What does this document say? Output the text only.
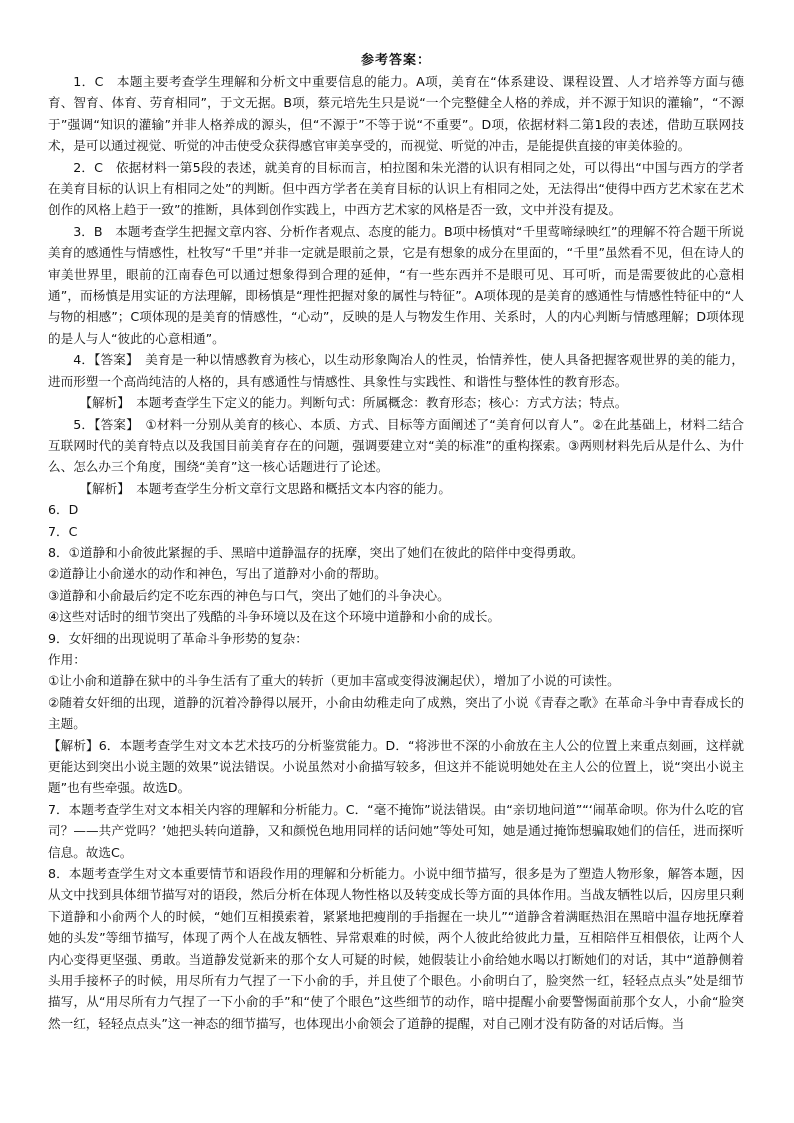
参考答案：

1．C　本题主要考查学生理解和分析文中重要信息的能力。A项，美育在“体系建设、课程设置、人才培养等方面与德育、智育、体育、劳育相同”，于文无据。B项，蔡元培先生只是说“一个完整健全人格的养成，并不源于知识的灌输”，“不源于”强调“知识的灌输”并非人格养成的源头，但“不源于”不等于说“不重要”。D项，依据材料二第1段的表述，借助互联网技术，是可以通过视觉、听觉的冲击使受众获得感官审美享受的，而视觉、听觉的冲击，是能提供直接的审美体验的。

2．C　依据材料一第5段的表述，就美育的目标而言，柏拉图和朱光潜的认识有相同之处，可以得出“中国与西方的学者在美育目标的认识上有相同之处”的判断。但中西方学者在美育目标的认识上有相同之处，无法得出“使得中西方艺术家在艺术创作的风格上趋于一致”的推断，具体到创作实践上，中西方艺术家的风格是否一致，文中并没有提及。

3．B　本题考查学生把握文章内容、分析作者观点、态度的能力。B项中杨慎对“千里莺啼绿映红”的理解不符合题干所说美育的感通性与情感性，杜牧写“千里”并非一定就是眼前之景，它是有想象的成分在里面的，“千里”虽然看不见，但在诗人的审美世界里，眼前的江南春色可以通过想象得到合理的延伸，“有一些东西并不是眼可见、耳可听，而是需要彼此的心意相通”，而杨慎是用实证的方法理解，即杨慎是“理性把握对象的属性与特征”。A项体现的是美育的感通性与情感性特征中的“人与物的相感”；C项体现的是美育的情感性，“心动”，反映的是人与物发生作用、关系时，人的内心判断与情感理解；D项体现的是人与人“彼此的心意相通”。

4．【答案】　美育是一种以情感教育为核心，以生动形象陶冶人的性灵，怡情养性，使人具备把握客观世界的美的能力，进而形塑一个高尚纯洁的人格的，具有感通性与情感性、具象性与实践性、和谐性与整体性的教育形态。

【解析】　本题考查学生下定义的能力。判断句式：所属概念：教育形态；核心：方式方法；特点。

5．【答案】　①材料一分别从美育的核心、本质、方式、目标等方面阐述了“美育何以育人”。②在此基础上，材料二结合互联网时代的美育特点以及我国目前美育存在的问题，强调要建立对“美的标准”的重构探索。③两则材料先后从是什么、为什么、怎么办三个角度，围绕“美育”这一核心话题进行了论述。

【解析】　本题考查学生分析文章行文思路和概括文本内容的能力。

6．D

7．C

8．①道静和小俞彼此紧握的手、黑暗中道静温存的抚摩，突出了她们在彼此的陪伴中变得勇敢。

②道静让小俞递水的动作和神色，写出了道静对小俞的帮助。

③道静和小俞最后约定不吃东西的神色与口气，突出了她们的斗争决心。

④这些对话时的细节突出了残酷的斗争环境以及在这个环境中道静和小俞的成长。

9．女奸细的出现说明了革命斗争形势的复杂：

作用：

①让小俞和道静在狱中的斗争生活有了重大的转折（更加丰富或变得波澜起伏），增加了小说的可读性。

②随着女奸细的出现，道静的沉着冷静得以展开，小俞由幼稚走向了成熟，突出了小说《青春之歌》在革命斗争中青春成长的主题。

【解析】6．本题考查学生对文本艺术技巧的分析鉴赏能力。D．“将涉世不深的小俞放在主人公的位置上来重点刻画，这样就更能达到突出小说主题的效果”说法错误。小说虽然对小俞描写较多，但这并不能说明她处在主人公的位置上，说“突出小说主题”也有些牵强。故选D。

7．本题考查学生对文本相关内容的理解和分析能力。C．“毫不掩饰”说法错误。由“亲切地问道”“‘闹革命呗。你为什么吃的官司？——共产党吗？’她把头转向道静，又和颜悦色地用同样的话问她”等处可知，她是通过掩饰想骗取她们的信任，进而探听信息。故选C。

8．本题考查学生对文本重要情节和语段作用的理解和分析能力。小说中细节描写，很多是为了塑造人物形象，解答本题，因从文中找到具体细节描写对的语段，然后分析在体现人物性格以及转变成长等方面的具体作用。当战友牺牲以后，囚房里只剩下道静和小俞两个人的时候，“她们互相摸索着，紧紧地把瘦削的手指握在一块儿”“道静含着满眶热泪在黑暗中温存地抚摩着她的头发”等细节描写，体现了两个人在战友牺牲、异常艰难的时候，两个人彼此给彼此力量，互相陪伴互相偎依，让两个人内心变得更坚强、勇敢。当道静发觉新来的那个女人可疑的时候，她假装让小俞给她水喝以打断她们的对话，其中“道静侧着头用手接杯子的时候，用尽所有力气捏了一下小俞的手，并且使了个眼色。小俞明白了，脸突然一红，轻轻点点头”处是细节描写，从“用尽所有力气捏了一下小俞的手”和“使了个眼色”这些细节的动作，暗中提醒小俞要警惕面前那个女人，小俞“脸突然一红，轻轻点点头”这一神态的细节描写，也体现出小俞领会了道静的提醒，对自己刚才没有防备的对话后悔。当
